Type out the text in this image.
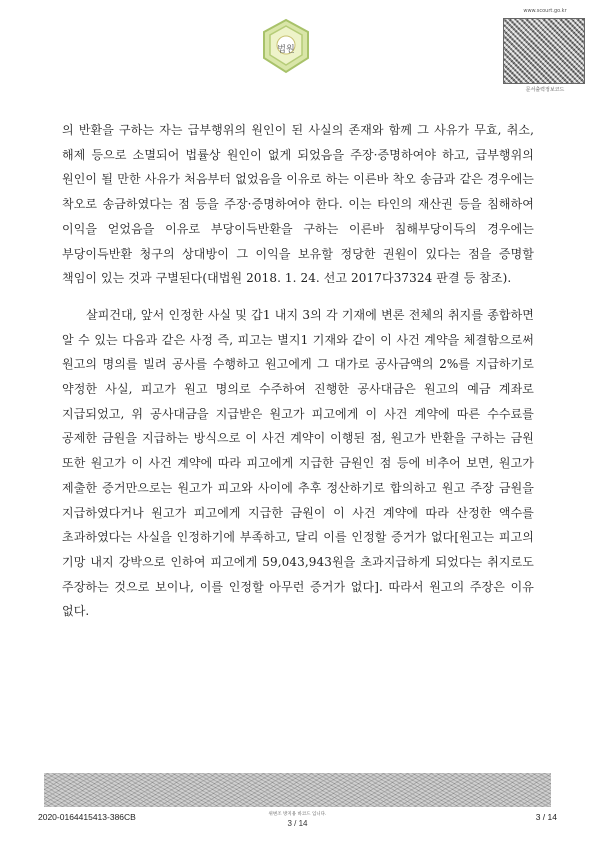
법원
www.scourt.go.kr
문서출력정보코드

의 반환을 구하는 자는 급부행위의 원인이 된 사실의 존재와 함께 그 사유가 무효, 취소, 해제 등으로 소멸되어 법률상 원인이 없게 되었음을 주장·증명하여야 하고, 급부행위의 원인이 될 만한 사유가 처음부터 없었음을 이유로 하는 이른바 착오 송금과 같은 경우에는 착오로 송금하였다는 점 등을 주장·증명하여야 한다. 이는 타인의 재산권 등을 침해하여 이익을 얻었음을 이유로 부당이득반환을 구하는 이른바 침해부당이득의 경우에는 부당이득반환 청구의 상대방이 그 이익을 보유할 정당한 권원이 있다는 점을 증명할 책임이 있는 것과 구별된다(대법원 2018. 1. 24. 선고 2017다37324 판결 등 참조).

살피건대, 앞서 인정한 사실 및 갑1 내지 3의 각 기재에 변론 전체의 취지를 종합하면 알 수 있는 다음과 같은 사정 즉, 피고는 별지1 기재와 같이 이 사건 계약을 체결함으로써 원고의 명의를 빌려 공사를 수행하고 원고에게 그 대가로 공사금액의 2%를 지급하기로 약정한 사실, 피고가 원고 명의로 수주하여 진행한 공사대금은 원고의 예금 계좌로 지급되었고, 위 공사대금을 지급받은 원고가 피고에게 이 사건 계약에 따른 수수료를 공제한 금원을 지급하는 방식으로 이 사건 계약이 이행된 점, 원고가 반환을 구하는 금원 또한 원고가 이 사건 계약에 따라 피고에게 지급한 금원인 점 등에 비추어 보면, 원고가 제출한 증거만으로는 원고가 피고와 사이에 추후 정산하기로 합의하고 원고 주장 금원을 지급하였다거나 원고가 피고에게 지급한 금원이 이 사건 계약에 따라 산정한 액수를 초과하였다는 사실을 인정하기에 부족하고, 달리 이를 인정할 증거가 없다[원고는 피고의 기망 내지 강박으로 인하여 피고에게 59,043,943원을 초과지급하게 되었다는 취지로도 주장하는 것으로 보이나, 이를 인정할 아무런 증거가 없다]. 따라서 원고의 주장은 이유 없다.

2020-0164415413-386CB	위변조 방지용 바코드 입니다.
3 / 14
3 / 14
